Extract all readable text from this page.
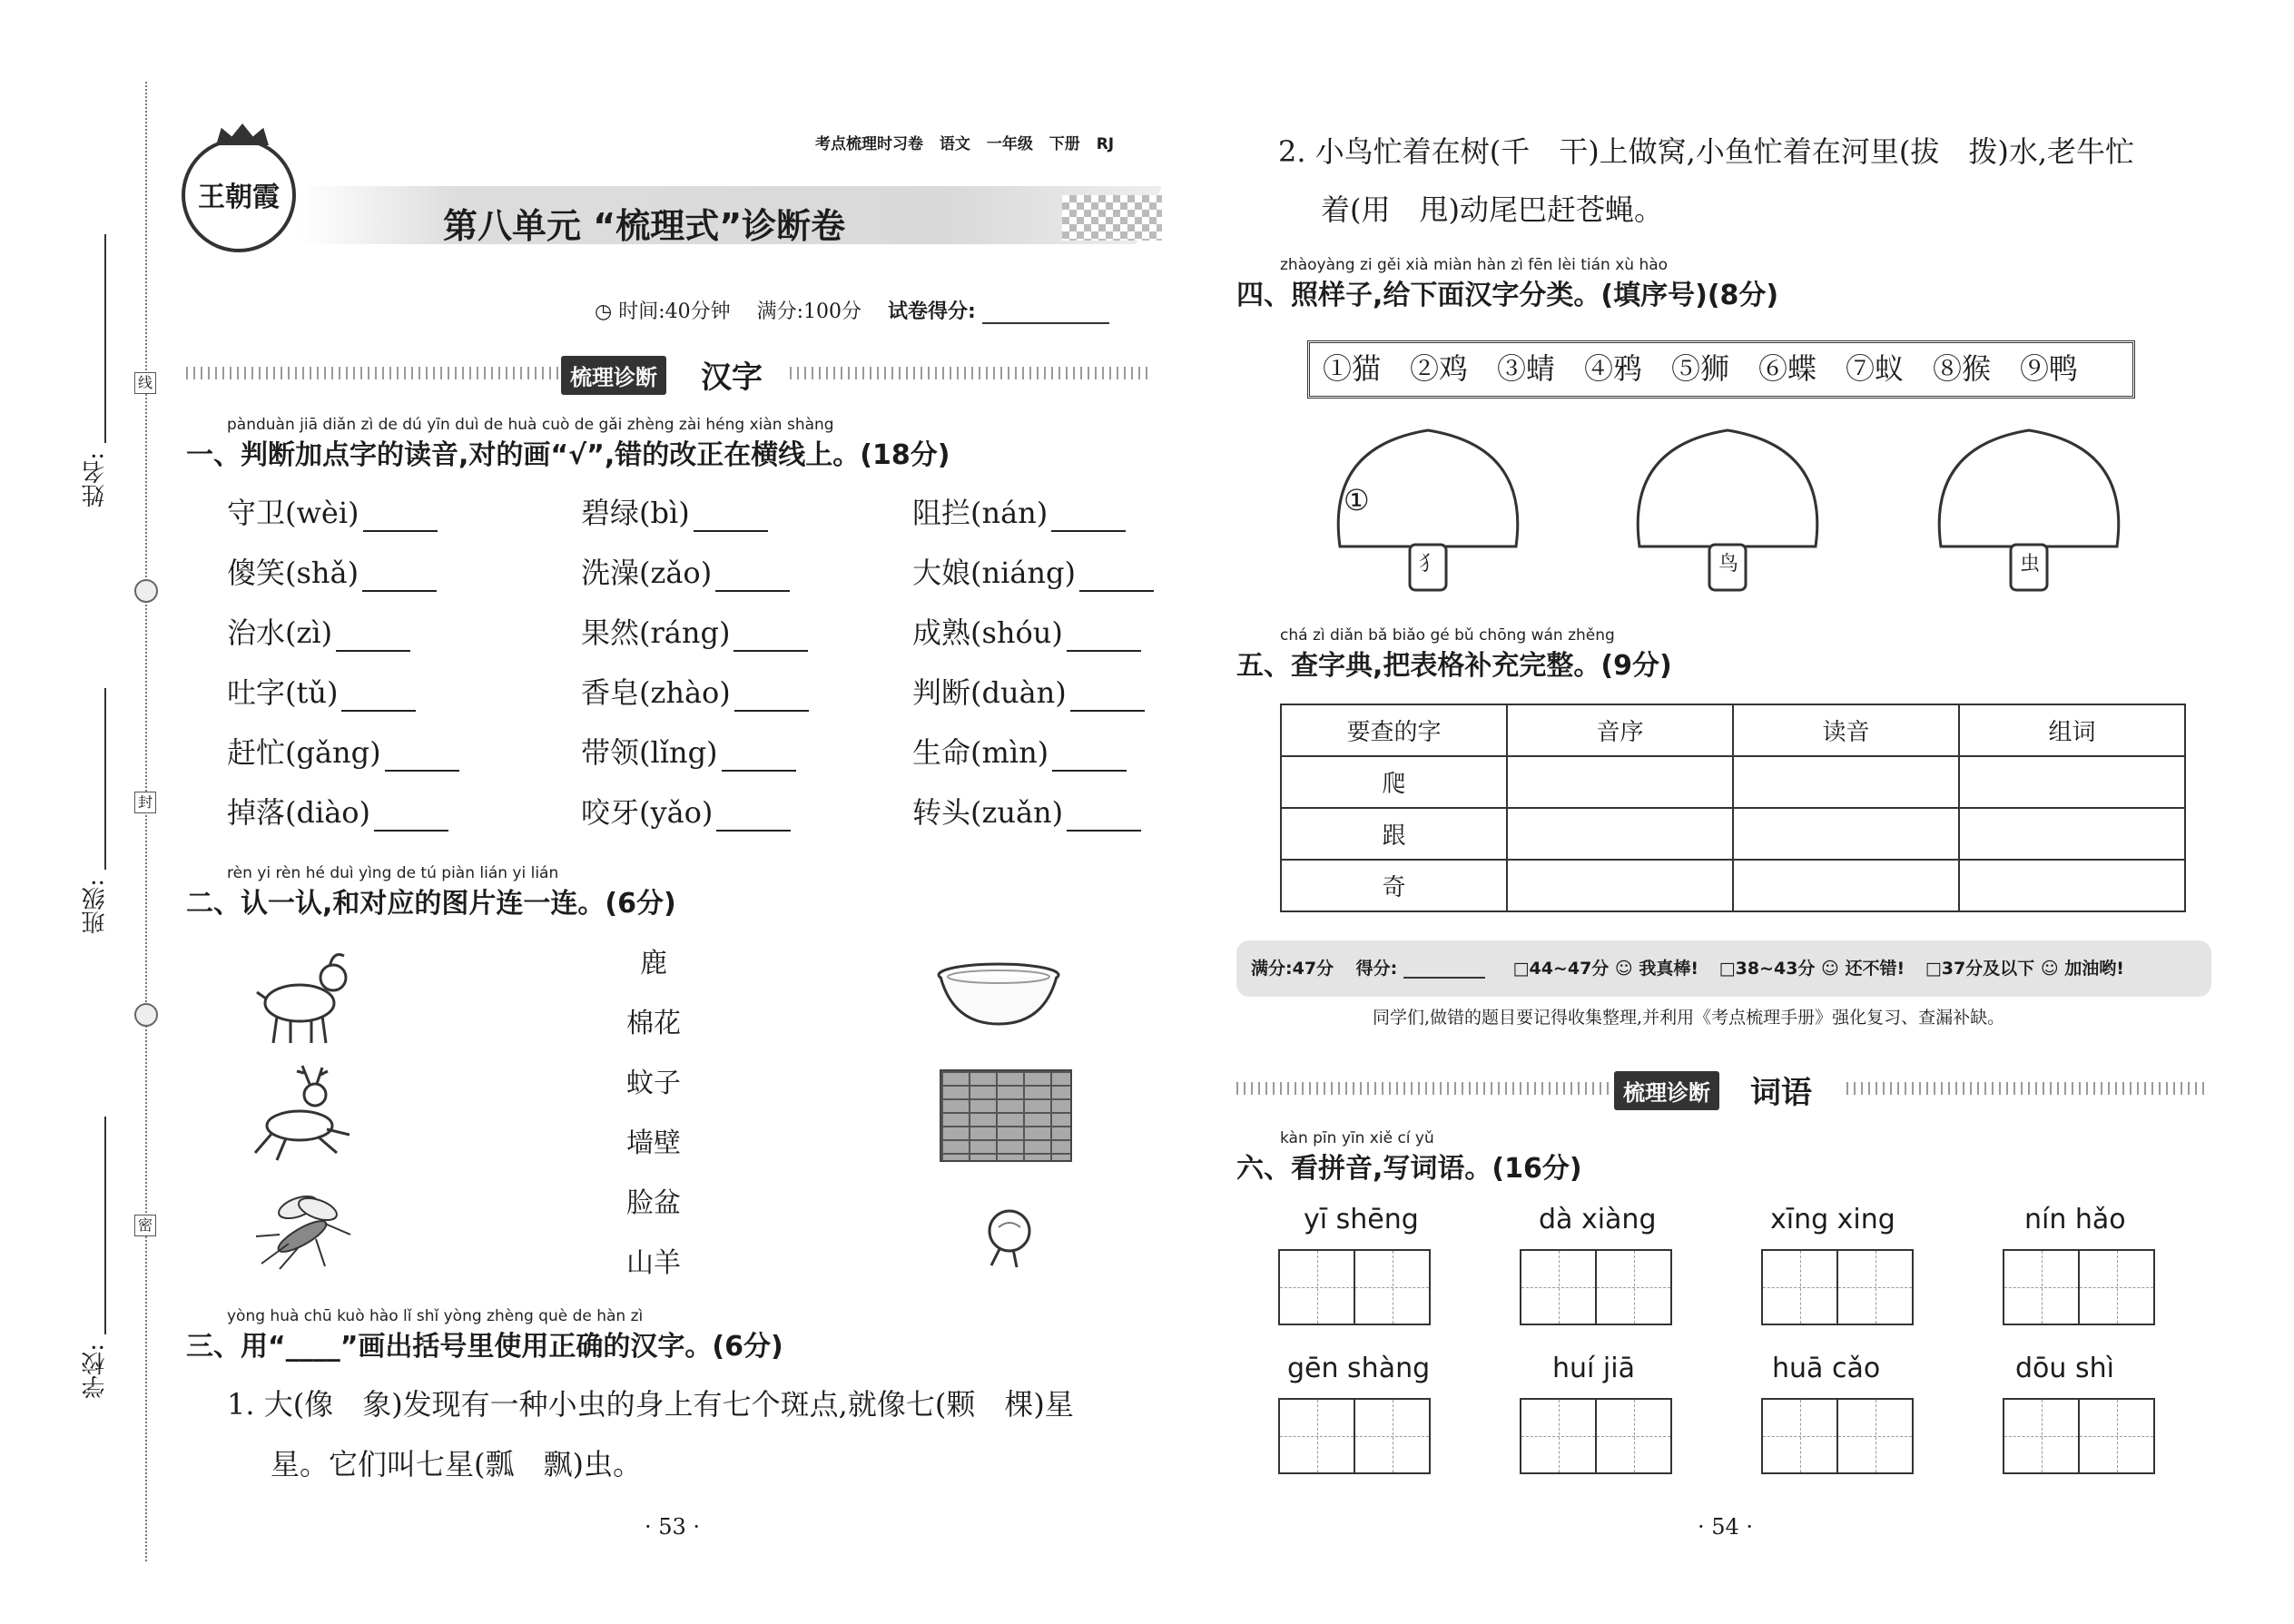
线
封
密
姓名:
班级:
学校:
王朝霞
考点梳理时习卷 语文 一年级 下册 RJ
第八单元 “梳理式”诊断卷
◷ 时间:40分钟 满分:100分 试卷得分:
梳理诊断 汉字
pànduàn jiā diǎn zì de dú yīn duì de huà cuò de gǎi zhèng zài héng xiàn shàng
一、判断加点字的读音,对的画“√”,错的改正在横线上。(18分)
守卫(wèi)	碧绿(bì)	阻拦(nán)
傻笑(shǎ)	洗澡(zǎo)	大娘(niáng)
治水(zì)	果然(ráng)	成熟(shóu)
吐字(tǔ)	香皂(zhào)	判断(duàn)
赶忙(gǎng)	带领(lǐng)	生命(mìn)
掉落(diào)	咬牙(yǎo)	转头(zuǎn)
rèn yi rèn hé duì yìng de tú piàn lián yi lián
二、认一认,和对应的图片连一连。(6分)
鹿
棉花
蚊子
墙壁
脸盆
山羊
yòng huà chū kuò hào lǐ shǐ yòng zhèng què de hàn zì
三、用“____”画出括号里使用正确的汉字。(6分)
1. 大(像　象)发现有一种小虫的身上有七个斑点,就像七(颗　棵)星
星。它们叫七星(瓢　飘)虫。
· 53 ·
2. 小鸟忙着在树(千　干)上做窝,小鱼忙着在河里(拔　拨)水,老牛忙
着(用　甩)动尾巴赶苍蝇。
zhàoyàng zi gěi xià miàn hàn zì fēn lèi tián xù hào
四、照样子,给下面汉字分类。(填序号)(8分)
①猫　②鸡　③蜻　④鸦　⑤狮　⑥蝶　⑦蚁　⑧猴　⑨鸭
①
犭	鸟	虫
chá zì diǎn bǎ biǎo gé bǔ chōng wán zhěng
五、查字典,把表格补充完整。(9分)
要查的字	音序	读音	组词
爬			
跟			
奇			
满分:47分 得分:	□44~47分 ☺ 我真棒! □38~43分 ☺ 还不错! □37分及以下 ☺ 加油哟!
同学们,做错的题目要记得收集整理,并利用《考点梳理手册》强化复习、查漏补缺。
梳理诊断 词语
kàn pīn yīn xiě cí yǔ
六、看拼音,写词语。(16分)
yī shēng	dà xiàng	xīng xing	nín hǎo
gēn shàng	huí jiā	huā cǎo	dōu shì
· 54 ·
